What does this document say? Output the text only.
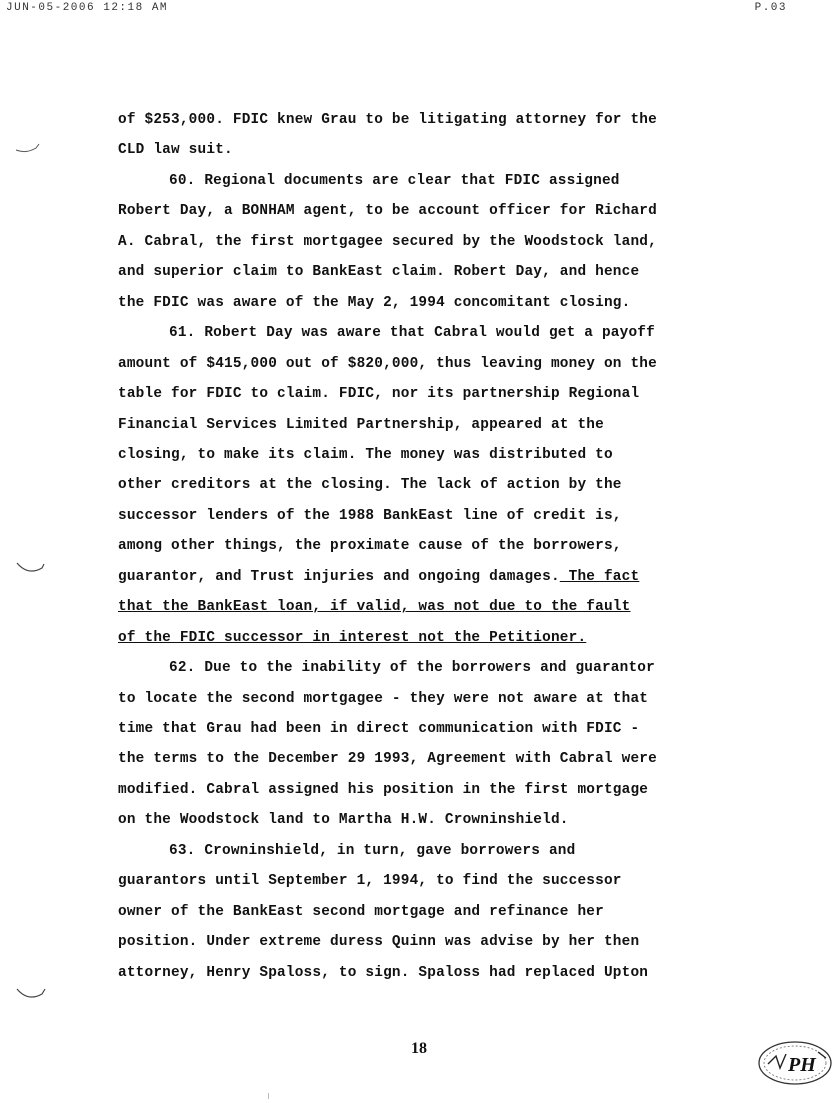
JUN-05-2006 12:18 AM	P.03
of $253,000. FDIC knew Grau to be litigating attorney for the
CLD law suit.
60. Regional documents are clear that FDIC assigned
Robert Day, a BONHAM agent, to be account officer for Richard
A. Cabral, the first mortgagee secured by the Woodstock land,
and superior claim to BankEast claim. Robert Day, and hence
the FDIC was aware of the May 2, 1994 concomitant closing.
61. Robert Day was aware that Cabral would get a payoff
amount of $415,000 out of $820,000, thus leaving money on the
table for FDIC to claim. FDIC, nor its partnership Regional
Financial Services Limited Partnership, appeared at the
closing, to make its claim. The money was distributed to
other creditors at the closing. The lack of action by the
successor lenders of the 1988 BankEast line of credit is,
among other things, the proximate cause of the borrowers,
guarantor, and Trust injuries and ongoing damages. The fact
that the BankEast loan, if valid, was not due to the fault
of the FDIC successor in interest not the Petitioner.
62. Due to the inability of the borrowers and guarantor
to locate the second mortgagee - they were not aware at that
time that Grau had been in direct communication with FDIC -
the terms to the December 29 1993, Agreement with Cabral were
modified. Cabral assigned his position in the first mortgage
on the Woodstock land to Martha H.W. Crowninshield.
63. Crowninshield, in turn, gave borrowers and
guarantors until September 1, 1994, to find the successor
owner of the BankEast second mortgage and refinance her
position. Under extreme duress Quinn was advise by her then
attorney, Henry Spaloss, to sign. Spaloss had replaced Upton
18
PH
